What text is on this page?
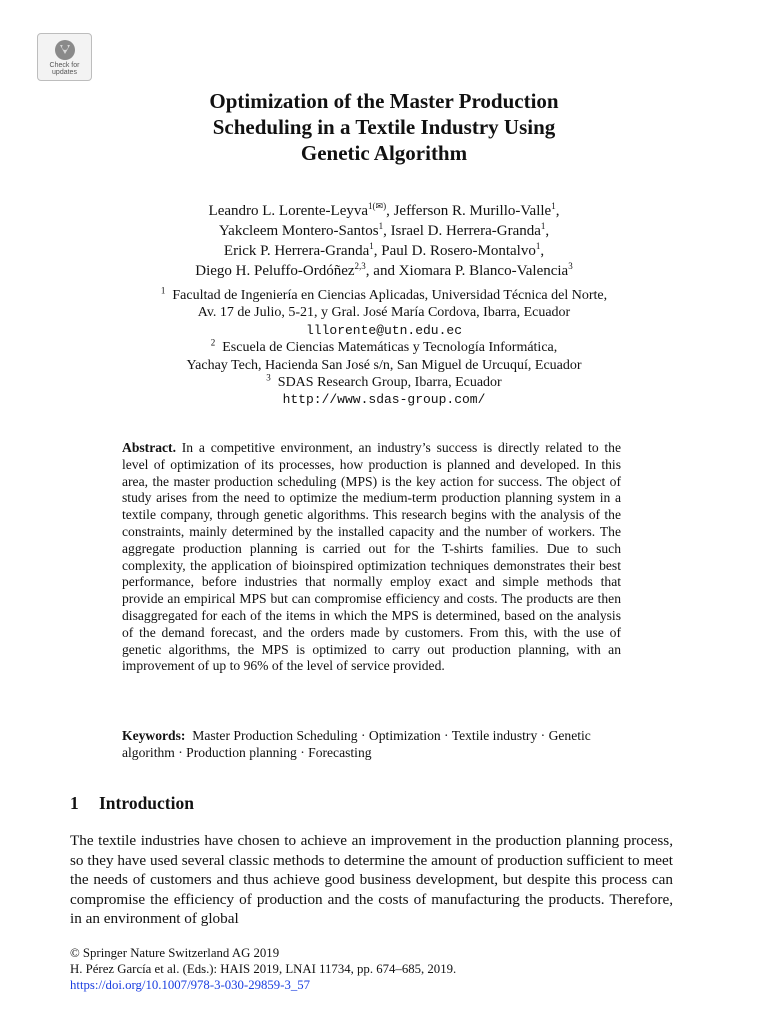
Check for
updates
Optimization of the Master Production
Scheduling in a Textile Industry Using
Genetic Algorithm
Leandro L. Lorente-Leyva$^{1(✉)}$, Jefferson R. Murillo-Valle$^1$,
Yakcleem Montero-Santos$^1$, Israel D. Herrera-Granda$^1$,
Erick P. Herrera-Granda$^1$, Paul D. Rosero-Montalvo$^1$,
Diego H. Peluffo-Ordóñez$^{2,3}$, and Xiomara P. Blanco-Valencia$^3$
$^1$ Facultad de Ingeniería en Ciencias Aplicadas, Universidad Técnica del Norte,
Av. 17 de Julio, 5-21, y Gral. José María Cordova, Ibarra, Ecuador
lllorente@utn.edu.ec
$^2$ Escuela de Ciencias Matemáticas y Tecnología Informática,
Yachay Tech, Hacienda San José s/n, San Miguel de Urcuquí, Ecuador
$^3$ SDAS Research Group, Ibarra, Ecuador
http://www.sdas-group.com/
Abstract. In a competitive environment, an industry’s success is directly related to the level of optimization of its processes, how production is planned and developed. In this area, the master production scheduling (MPS) is the key action for success. The object of study arises from the need to optimize the medium-term production planning system in a textile company, through genetic algorithms. This research begins with the analysis of the constraints, mainly determined by the installed capacity and the number of workers. The aggregate production planning is carried out for the T-shirts families. Due to such complexity, the application of bioinspired optimization techniques demonstrates their best performance, before industries that normally employ exact and simple methods that provide an empirical MPS but can compromise efficiency and costs. The products are then disaggregated for each of the items in which the MPS is determined, based on the analysis of the demand forecast, and the orders made by customers. From this, with the use of genetic algorithms, the MPS is optimized to carry out production planning, with an improvement of up to 96% of the level of service provided.
Keywords: Master Production Scheduling · Optimization · Textile industry · Genetic algorithm · Production planning · Forecasting
1 Introduction
The textile industries have chosen to achieve an improvement in the production planning process, so they have used several classic methods to determine the amount of production sufficient to meet the needs of customers and thus achieve good business development, but despite this process can compromise the efficiency of production and the costs of manufacturing the products. Therefore, in an environment of global
© Springer Nature Switzerland AG 2019
H. Pérez García et al. (Eds.): HAIS 2019, LNAI 11734, pp. 674–685, 2019.
https://doi.org/10.1007/978-3-030-29859-3_57
